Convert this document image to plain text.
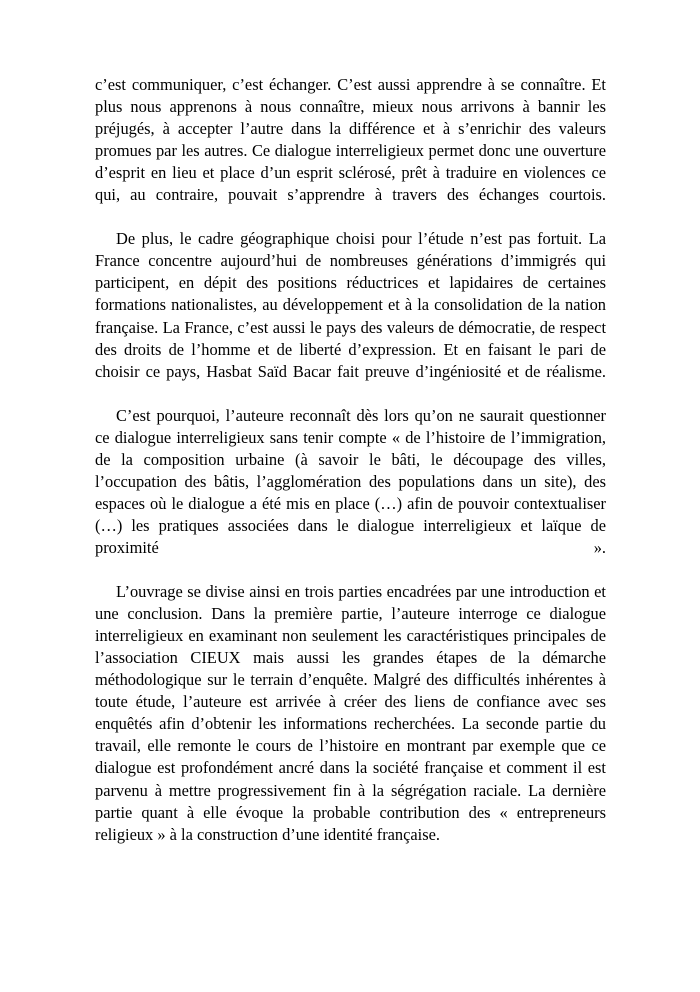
c’est communiquer, c’est échanger. C’est aussi apprendre à se connaître. Et plus nous apprenons à nous connaître, mieux nous arrivons à bannir les préjugés, à accepter l’autre dans la différence et à s’enrichir des valeurs promues par les autres. Ce dialogue interreligieux permet donc une ouverture d’esprit en lieu et place d’un esprit sclérosé, prêt à traduire en violences ce qui, au contraire, pouvait s’apprendre à travers des échanges courtois.

De plus, le cadre géographique choisi pour l’étude n’est pas fortuit. La France concentre aujourd’hui de nombreuses générations d’immigrés qui participent, en dépit des positions réductrices et lapidaires de certaines formations nationalistes, au développement et à la consolidation de la nation française. La France, c’est aussi le pays des valeurs de démocratie, de respect des droits de l’homme et de liberté d’expression. Et en faisant le pari de choisir ce pays, Hasbat Saïd Bacar fait preuve d’ingéniosité et de réalisme.

C’est pourquoi, l’auteure reconnaît dès lors qu’on ne saurait questionner ce dialogue interreligieux sans tenir compte « de l’histoire de l’immigration, de la composition urbaine (à savoir le bâti, le découpage des villes, l’occupation des bâtis, l’agglomération des populations dans un site), des espaces où le dialogue a été mis en place (…) afin de pouvoir contextualiser (…) les pratiques associées dans le dialogue interreligieux et laïque de proximité ».

L’ouvrage se divise ainsi en trois parties encadrées par une introduction et une conclusion. Dans la première partie, l’auteure interroge ce dialogue interreligieux en examinant non seulement les caractéristiques principales de l’association CIEUX mais aussi les grandes étapes de la démarche méthodologique sur le terrain d’enquête. Malgré des difficultés inhérentes à toute étude, l’auteure est arrivée à créer des liens de confiance avec ses enquêtés afin d’obtenir les informations recherchées. La seconde partie du travail, elle remonte le cours de l’histoire en montrant par exemple que ce dialogue est profondément ancré dans la société française et comment il est parvenu à mettre progressivement fin à la ségrégation raciale. La dernière partie quant à elle évoque la probable contribution des « entrepreneurs religieux » à la construction d’une identité française.
